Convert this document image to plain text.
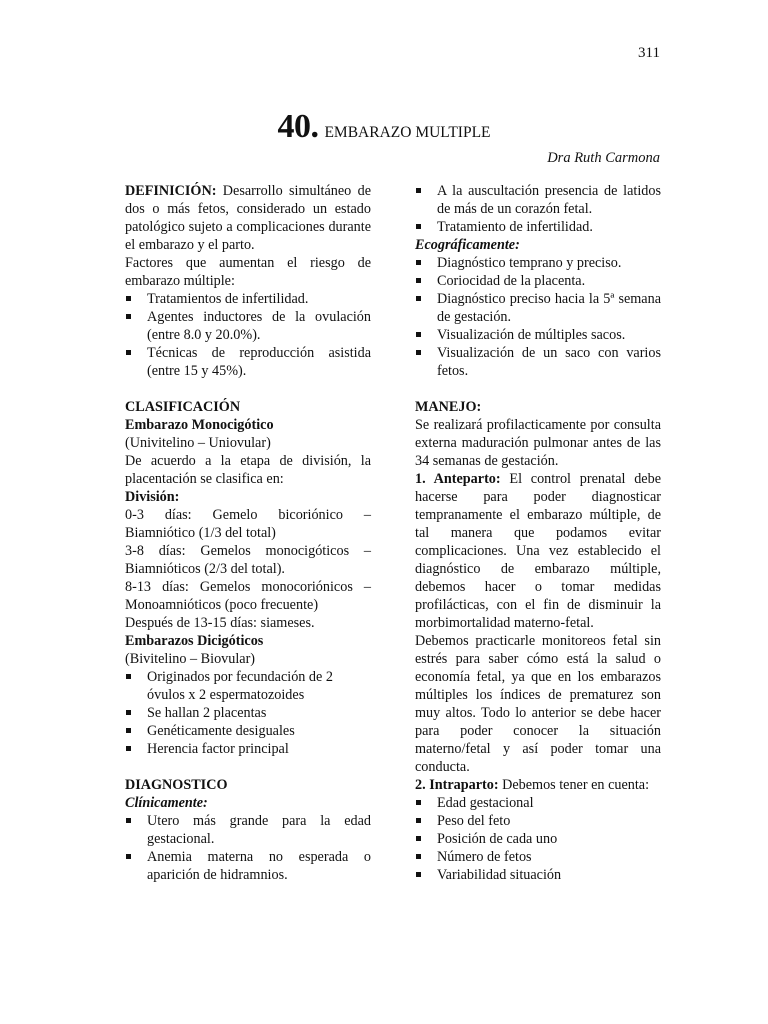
311
40. EMBARAZO MULTIPLE
Dra Ruth Carmona

DEFINICIÓN: Desarrollo simultáneo de dos o más fetos, considerado un estado patológico sujeto a complicaciones durante el embarazo y el parto.

Factores que aumentan el riesgo de embarazo múltiple:

Tratamientos de infertilidad.
Agentes inductores de la ovulación (entre 8.0 y 20.0%).
Técnicas de reproducción asistida (entre 15 y 45%).

CLASIFICACIÓN

Embarazo Monocigótico

(Univitelino – Uniovular)

De acuerdo a la etapa de división, la placentación se clasifica en:

División:

0-3 días: Gemelo bicoriónico – Biamniótico (1/3 del total)

3-8 días: Gemelos monocigóticos – Biamnióticos (2/3 del total).

8-13 días: Gemelos monocoriónicos – Monoamnióticos (poco frecuente)

Después de 13-15 días: siameses.

Embarazos Dicigóticos

(Bivitelino – Biovular)

Originados por fecundación de 2 óvulos x 2 espermatozoides
Se hallan 2 placentas
Genéticamente desiguales
Herencia factor principal

DIAGNOSTICO

Clínicamente:

Utero más grande para la edad gestacional.
Anemia materna no esperada o aparición de hidramnios.
A la auscultación presencia de latidos de más de un corazón fetal.
Tratamiento de infertilidad.

Ecográficamente:

Diagnóstico temprano y preciso.
Coriocidad de la placenta.
Diagnóstico preciso hacia la 5ª semana de gestación.
Visualización de múltiples sacos.
Visualización de un saco con varios fetos.

MANEJO:

Se realizará profilacticamente por consulta externa maduración pulmonar antes de las 34 semanas de gestación.

1. Anteparto: El control prenatal debe hacerse para poder diagnosticar tempranamente el embarazo múltiple, de tal manera que podamos evitar complicaciones. Una vez establecido el diagnóstico de embarazo múltiple, debemos hacer o tomar medidas profilácticas, con el fin de disminuir la morbimortalidad materno-fetal.

Debemos practicarle monitoreos fetal sin estrés para saber cómo está la salud o economía fetal, ya que en los embarazos múltiples los índices de prematurez son muy altos. Todo lo anterior se debe hacer para poder conocer la situación materno/fetal y así poder tomar una conducta.

2. Intraparto: Debemos tener en cuenta:

Edad gestacional
Peso del feto
Posición de cada uno
Número de fetos
Variabilidad situación
